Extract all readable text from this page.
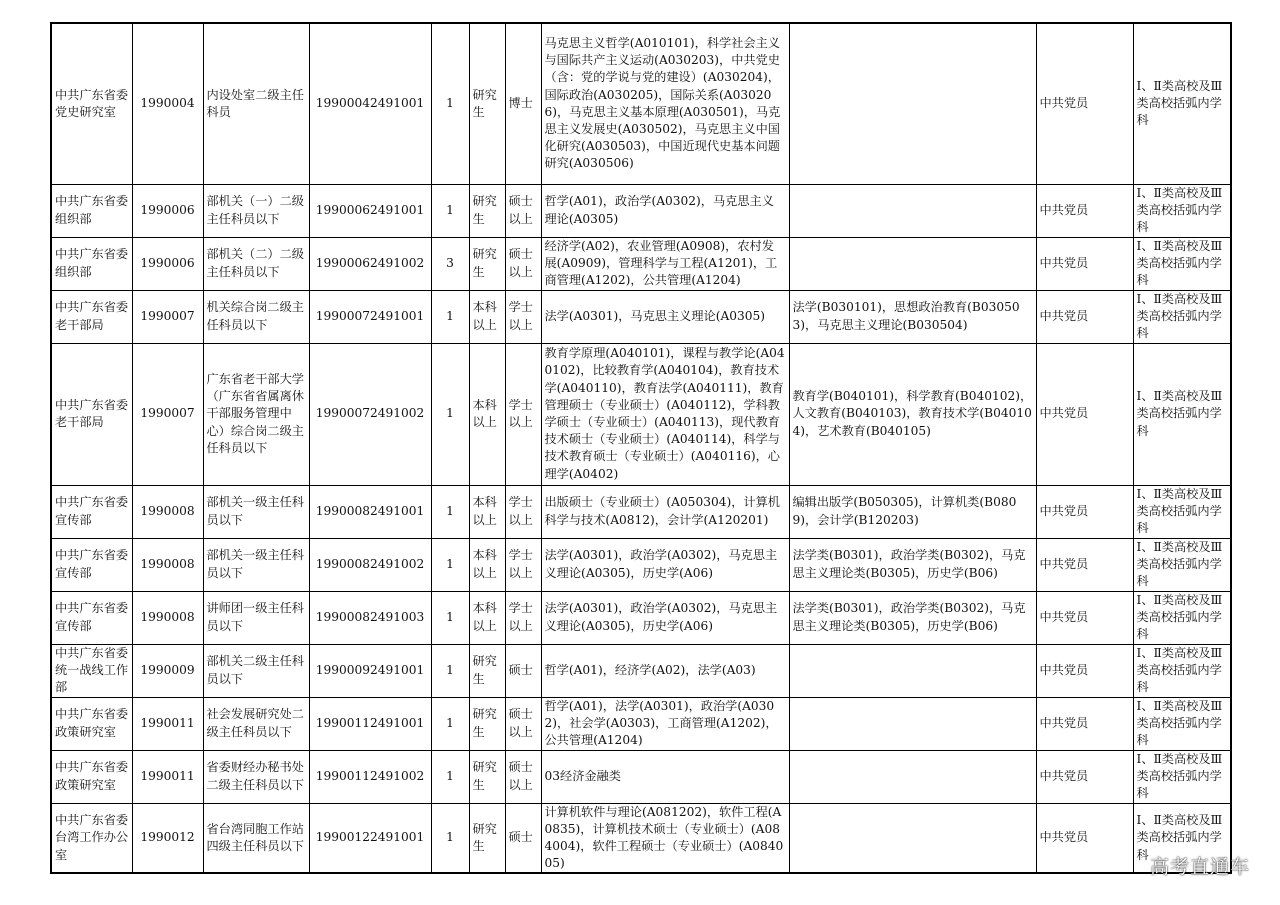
中共广东省委党史研究室	1990004	内设处室二级主任科员	19900042491001	1	研究生	博士	马克思主义哲学(A010101)，科学社会主义与国际共产主义运动(A030203)，中共党史（含：党的学说与党的建设）(A030204)，国际政治(A030205)，国际关系(A030206)，马克思主义基本原理(A030501)，马克思主义发展史(A030502)，马克思主义中国化研究(A030503)，中国近现代史基本问题研究(A030506)			中共党员	Ⅰ、Ⅱ类高校及Ⅲ类高校括弧内学科
中共广东省委组织部	1990006	部机关（一）二级主任科员以下	19900062491001	1	研究生	硕士以上	哲学(A01)，政治学(A0302)，马克思主义理论(A0305)			中共党员	Ⅰ、Ⅱ类高校及Ⅲ类高校括弧内学科
中共广东省委组织部	1990006	部机关（二）二级主任科员以下	19900062491002	3	研究生	硕士以上	经济学(A02)，农业管理(A0908)，农村发展(A0909)，管理科学与工程(A1201)，工商管理(A1202)，公共管理(A1204)			中共党员	Ⅰ、Ⅱ类高校及Ⅲ类高校括弧内学科
中共广东省委老干部局	1990007	机关综合岗二级主任科员以下	19900072491001	1	本科以上	学士以上	法学(A0301)，马克思主义理论(A0305)	法学(B030101)，思想政治教育(B030503)，马克思主义理论(B030504)		中共党员	Ⅰ、Ⅱ类高校及Ⅲ类高校括弧内学科
中共广东省委老干部局	1990007	广东省老干部大学（广东省省属离休干部服务管理中心）综合岗二级主任科员以下	19900072491002	1	本科以上	学士以上	教育学原理(A040101)，课程与教学论(A040102)，比较教育学(A040104)，教育技术学(A040110)，教育法学(A040111)，教育管理硕士（专业硕士）(A040112)，学科教学硕士（专业硕士）(A040113)，现代教育技术硕士（专业硕士）(A040114)，科学与技术教育硕士（专业硕士）(A040116)，心理学(A0402)	教育学(B040101)，科学教育(B040102)，人文教育(B040103)，教育技术学(B040104)，艺术教育(B040105)		中共党员	Ⅰ、Ⅱ类高校及Ⅲ类高校括弧内学科
中共广东省委宣传部	1990008	部机关一级主任科员以下	19900082491001	1	本科以上	学士以上	出版硕士（专业硕士）(A050304)，计算机科学与技术(A0812)，会计学(A120201)	编辑出版学(B050305)，计算机类(B0809)，会计学(B120203)		中共党员	Ⅰ、Ⅱ类高校及Ⅲ类高校括弧内学科
中共广东省委宣传部	1990008	部机关一级主任科员以下	19900082491002	1	本科以上	学士以上	法学(A0301)，政治学(A0302)，马克思主义理论(A0305)，历史学(A06)	法学类(B0301)，政治学类(B0302)，马克思主义理论类(B0305)，历史学(B06)		中共党员	Ⅰ、Ⅱ类高校及Ⅲ类高校括弧内学科
中共广东省委宣传部	1990008	讲师团一级主任科员以下	19900082491003	1	本科以上	学士以上	法学(A0301)，政治学(A0302)，马克思主义理论(A0305)，历史学(A06)	法学类(B0301)，政治学类(B0302)，马克思主义理论类(B0305)，历史学(B06)		中共党员	Ⅰ、Ⅱ类高校及Ⅲ类高校括弧内学科
中共广东省委统一战线工作部	1990009	部机关二级主任科员以下	19900092491001	1	研究生	硕士	哲学(A01)，经济学(A02)，法学(A03)			中共党员	Ⅰ、Ⅱ类高校及Ⅲ类高校括弧内学科
中共广东省委政策研究室	1990011	社会发展研究处二级主任科员以下	19900112491001	1	研究生	硕士以上	哲学(A01)，法学(A0301)，政治学(A0302)，社会学(A0303)，工商管理(A1202)，公共管理(A1204)			中共党员	Ⅰ、Ⅱ类高校及Ⅲ类高校括弧内学科
中共广东省委政策研究室	1990011	省委财经办秘书处二级主任科员以下	19900112491002	1	研究生	硕士以上	03经济金融类			中共党员	Ⅰ、Ⅱ类高校及Ⅲ类高校括弧内学科
中共广东省委台湾工作办公室	1990012	省台湾同胞工作站四级主任科员以下	19900122491001	1	研究生	硕士	计算机软件与理论(A081202)，软件工程(A0835)，计算机技术硕士（专业硕士）(A084004)，软件工程硕士（专业硕士）(A084005)			中共党员	Ⅰ、Ⅱ类高校及Ⅲ类高校括弧内学科
高考直通车
